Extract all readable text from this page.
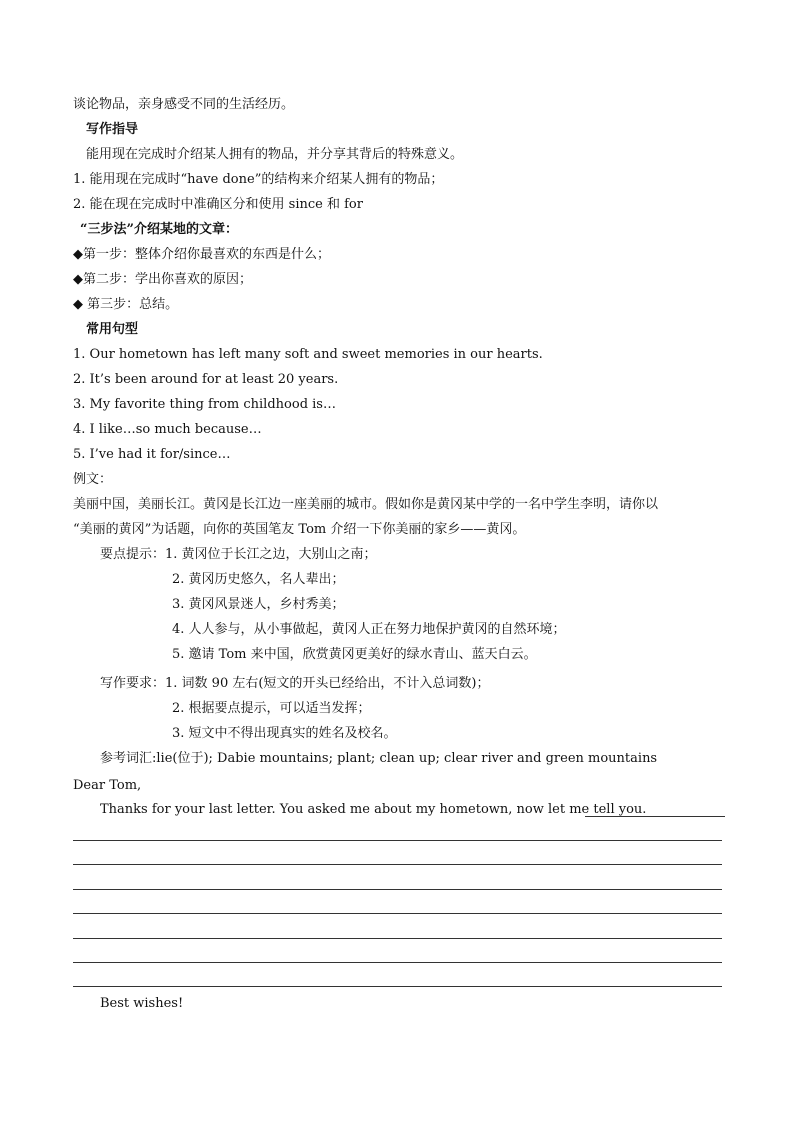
谈论物品，亲身感受不同的生活经历。
写作指导
能用现在完成时介绍某人拥有的物品，并分享其背后的特殊意义。
1. 能用现在完成时“have done”的结构来介绍某人拥有的物品；
2. 能在现在完成时中准确区分和使用 since 和 for
“三步法”介绍某地的文章：
◆第一步：整体介绍你最喜欢的东西是什么；
◆第二步：学出你喜欢的原因；
◆ 第三步：总结。
常用句型
1. Our hometown has left many soft and sweet memories in our hearts.
2. It’s been around for at least 20 years.
3. My favorite thing from childhood is…
4. I like…so much because…
5. I’ve had it for/since…
例文：
美丽中国，美丽长江。黄冈是长江边一座美丽的城市。假如你是黄冈某中学的一名中学生李明，请你以
“美丽的黄冈”为话题，向你的英国笔友 Tom 介绍一下你美丽的家乡——黄冈。
要点提示：1. 黄冈位于长江之边，大别山之南；
2. 黄冈历史悠久，名人辈出；
3. 黄冈风景迷人，乡村秀美；
4. 人人参与，从小事做起，黄冈人正在努力地保护黄冈的自然环境；
5. 邀请 Tom 来中国，欣赏黄冈更美好的绿水青山、蓝天白云。
写作要求：1. 词数 90 左右(短文的开头已经给出，不计入总词数)；
2. 根据要点提示，可以适当发挥；
3. 短文中不得出现真实的姓名及校名。
参考词汇:lie(位于); Dabie mountains; plant; clean up; clear river and green mountains
Dear Tom,
Thanks for your last letter. You asked me about my hometown, now let me tell you.
Best wishes!
